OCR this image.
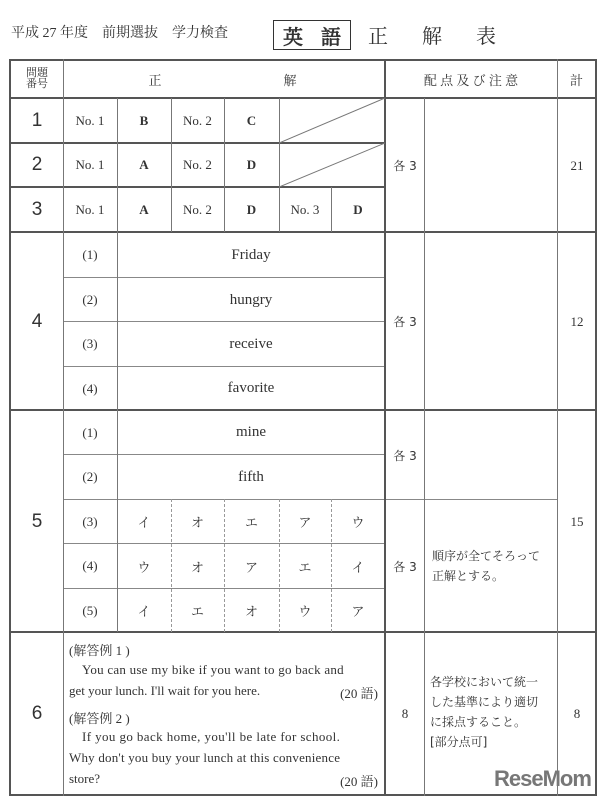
平成 27 年度　前期選抜　学力検査	英 語 正 解 表
問題番号	正	解	配 点 及 び 注 意	計
1	No. 1	B	No. 2	C
2	No. 1	A	No. 2	D
3	No. 1	A	No. 2	D	No. 3	D
各 3	21
4
(1)	Friday
(2)	hungry
(3)	receive
(4)	favorite
各 3	12
5
(1)	mine
(2)	fifth
(3)	イ	オ	エ	ア	ウ
(4)	ウ	オ	ア	エ	イ
(5)	イ	エ	オ	ウ	ア
各 3
各 3
順序が全てそろって正解とする。
15
6
(解答例 1 )
You can use my bike if you want to go back and
get your lunch. I'll wait for you here.	(20 語)
(解答例 2 )
If you go back home, you'll be late for school.
Why don't you buy your lunch at this convenience
store?	(20 語)
8
各学校において統一
した基準により適切
に採点すること。
[部分点可]
8
ReseMom
